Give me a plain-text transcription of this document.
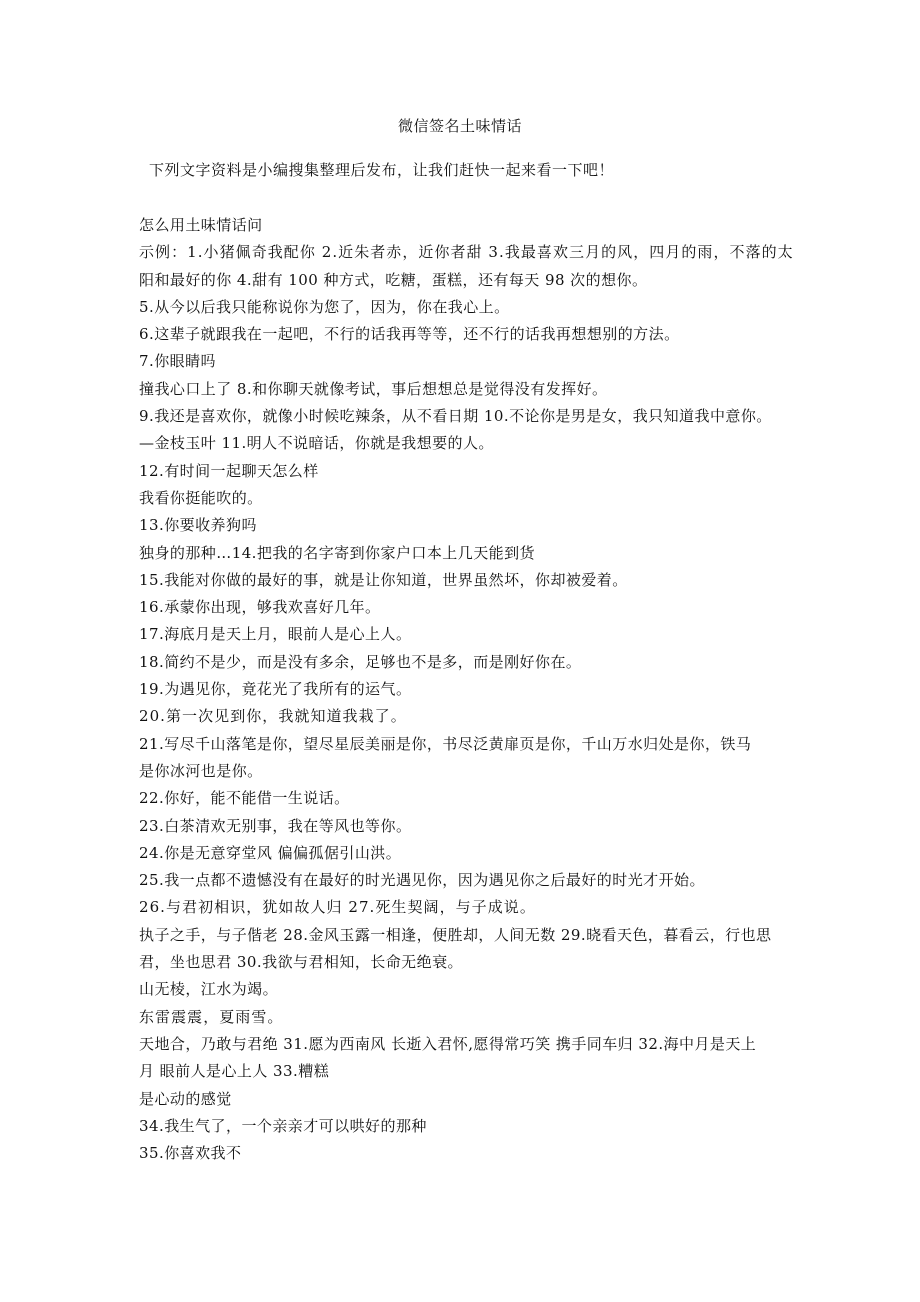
微信签名土味情话
下列文字资料是小编搜集整理后发布，让我们赶快一起来看一下吧！
怎么用土味情话问
示例：1.小猪佩奇我配你 2.近朱者赤，近你者甜 3.我最喜欢三月的风，四月的雨，不落的太
阳和最好的你 4.甜有 100 种方式，吃糖，蛋糕，还有每天 98 次的想你。
5.从今以后我只能称说你为您了，因为，你在我心上。
6.这辈子就跟我在一起吧，不行的话我再等等，还不行的话我再想想别的方法。
7.你眼睛吗
撞我心口上了 8.和你聊天就像考试，事后想想总是觉得没有发挥好。
9.我还是喜欢你，就像小时候吃辣条，从不看日期 10.不论你是男是女，我只知道我中意你。
—金枝玉叶 11.明人不说暗话，你就是我想要的人。
12.有时间一起聊天怎么样
我看你挺能吹的。
13.你要收养狗吗
独身的那种…14.把我的名字寄到你家户口本上几天能到货
15.我能对你做的最好的事，就是让你知道，世界虽然坏，你却被爱着。
16.承蒙你出现，够我欢喜好几年。
17.海底月是天上月，眼前人是心上人。
18.简约不是少，而是没有多余，足够也不是多，而是刚好你在。
19.为遇见你，竟花光了我所有的运气。
20.第一次见到你，我就知道我栽了。
21.写尽千山落笔是你，望尽星辰美丽是你，书尽泛黄扉页是你，千山万水归处是你，铁马
是你冰河也是你。
22.你好，能不能借一生说话。
23.白茶清欢无别事，我在等风也等你。
24.你是无意穿堂风 偏偏孤倨引山洪。
25.我一点都不遗憾没有在最好的时光遇见你，因为遇见你之后最好的时光才开始。
26.与君初相识，犹如故人归 27.死生契阔，与子成说。
执子之手，与子偕老 28.金风玉露一相逢，便胜却，人间无数 29.晓看天色，暮看云，行也思
君，坐也思君 30.我欲与君相知，长命无绝衰。
山无棱，江水为竭。
东雷震震，夏雨雪。
天地合，乃敢与君绝 31.愿为西南风 长逝入君怀,愿得常巧笑 携手同车归 32.海中月是天上
月 眼前人是心上人 33.糟糕
是心动的感觉
34.我生气了，一个亲亲才可以哄好的那种
35.你喜欢我不
